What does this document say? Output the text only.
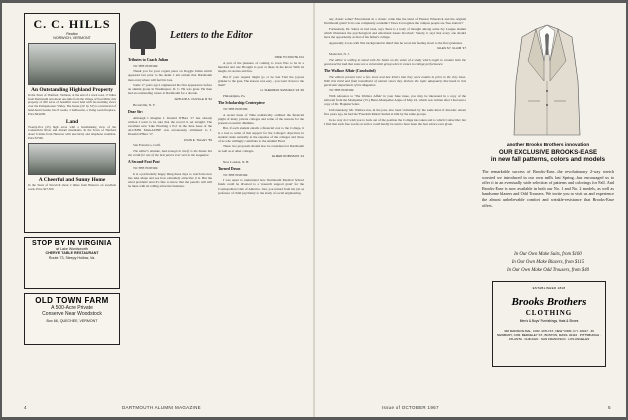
C. C. HILLS
Realtor
NORWICH, VERMONT
An Outstanding Highland Property
In the Town of Thetford, Vermont, at the end of a town road, 17 miles from Dartmouth and about one mile from the village of Post Mills, this property of 200 acres of beautiful wood land with far-reaching views over the Pompanoosuc Valley. The house (24' by 34') is constructed of hand-hewn beams, has 8 rooms, 2 bathrooms, a living room fireplace. Price $64,000.
Land
Twenty-five (25) high acres with a breathtaking view of the Connecticut River and distant mountains. In the Town of Thetford about 6 miles from Hanover with electricity and telephone available. Price $7500.
A Cheerful and Sunny Home
In the Town of Norwich about 2 miles from Hanover on excellent roads. Price $27,500.
STOP BY IN VIRGINIA
at Lake Wordsworth
CHERYE TABLE RESTAURANT
Route 73, Sleepy Hollow, Va.
OLD TOWN FARM
A 500-Acre Private
Conserve Near Woodstock
Box 66, QUECHEE, VERMONT
Letters to the Editor

Tributes to Coach Julian

TO THE EDITOR:

Thank you for your cogent piece on Doggie Julian which appeared last prior to his death. I am certain that Dartmouth men everywhere will feel his loss.

Some 17 years ago I engineered his first appearance before an alumni group in Washington, D. C. He was great. He then had an outstanding career at Dartmouth for a decade.

ARTHUR A. OUVILLE III '62

Bronxville, N. Y.

Dear Sir:

Although I imagine I. Donald O'Hara '17 has already written I want to be sure that the record is set straight. The excellent new 'Like Pinching a Pot' in the June issue of the ALUMNI MAGAZINE was erroneously attributed to J. Donald O'Hara '17.

JOHN E. TALLEY '59

San Francisco, Calif.

The editor's mistake, bad enough in itself, is the blame but the credit for one of the best pieces ever sent to the magazine.

A Second-Foot Post

TO THE EDITOR:

It is a particularly happy thing these days to watch the new bus take shape and see how extremely attractive it is. But the wind problem! And it's fine to know that the pencils will still be there with its rolling attractive business.

ORIE TO ROUTE 101

A part of the pleasure of coming to town Was to be in a hundred and one Brought to post at these in the know With its laughs, its stories and fun.

But if your request might go or be late That the joyous grinder to the gate, The answer was easy - you went 'down to the mail!'

H. SHERMAN SAMUELS '24 '20

Philadelphia, Pa.

The Scholarship Centerpiece

TO THE EDITOR:

A recent issue of Time realistically outlined the financial plight of many private colleges and some of the reasons for the present economic dilemma.

But, if each student entails a financial cost to the College, it is a loss to some of that support for the College's objectives in student ranks naturally at the expense of the colleges and those of us who willingly contribute to the Alumni Fund.

These two proposals should also be considered at Dartmouth as well as at other colleges.

ELMER ROBINSON '14

New London, N. H.

Turned Down

TO THE EDITOR:

I was upset to understand how Dartmouth Medical School funds could be diverted to a 'research support grant' for the Cosmopolitan Club of America. Just, you turned from his job as professor of child psychiatry to the study of social engineering.

4	DARTMOUTH ALUMNI MAGAZINE

any classic some? Educational in a classic come like the ideal of Eleazar Wheelock and the original Dartmouth grant? Is its one completely academic? Does it recognize the campus people are 'free starters'?

Fortunately, Dr. Sabel, in bad taste, says 'there is a body of thought among some Ivy League alumni which illustrates the psychological and emotional issues involved.' Surely, it says that every one should have the opportunity as that of his father's college.

Apparently it was with 'this background in mind' that he wrote his feeling down to the first graduates.

GILES SY. CLAIM '37

Montclair, N. J.

The editor is willing to stand with Dr. Sabel on the value of a study which ought to contain both the good and the bad that some are a vulnerable group when it comes to college performance.

The Wallace Affair (Concluded)

The editors present here a few more and last letters that they were unable to print in the July issue. With this third and final installment of alumni views they declare the topic adequately discussed in this particular department of the Magazine.

TO THE EDITOR:

With reference to 'The Wallace Affair' in your June issue, you may be interested in a copy of the editorial from the Montpelier (Vt.) Barre-Montpelier Argus of May 22, which was written after I had sent a copy of Dr. Hopkins' letter.

Unfortunately, Mr. Wallace has, in the past, also been victimized by the same kind of disorder. About five years ago, he had the 'Freedom Riders' hurled at him by the same groups.

In no way do I wish you to back out of the position the College has taken and to which I subscribe; but I find that such free words on tactics could hardly be said to have been the best advice ever given.

another Brooks Brothers innovation
OUR EXCLUSIVE BROOKS-EASE
in new fall patterns, colors and models
The remarkable success of Brooks-Ease...the revolutionary 2-way stretch worsted we introduced in our own mills last Spring...has encouraged us to offer it in an eventually wide selection of patterns and colorings for Fall. And Brooks-Ease is now available in both our No. 1 and No. 2 models, as well as handsome blazers and Odd Trousers. We invite you to visit us and experience the almost unbelievable comfort and wrinkle-resistance that Brooks-Ease offers.
In Our Own Make Suits, from $160
In Our Own Make Blazers, from $115
In Our Own Make Odd Trousers, from $40
ESTABLISHED 1818
Brooks Brothers
CLOTHING
Men's & Boys' Furnishings, Hats & Shoes
346 MADISON AVE., COR. 44TH ST., NEW YORK, N.Y. 10017 · 46 NEWBURY, COR. BERKELEY ST., BOSTON, MASS. 02116 · PITTSBURGH · ATLANTA · CHICAGO · SAN FRANCISCO · LOS ANGELES
Issue of OCTOBER 1967	5
